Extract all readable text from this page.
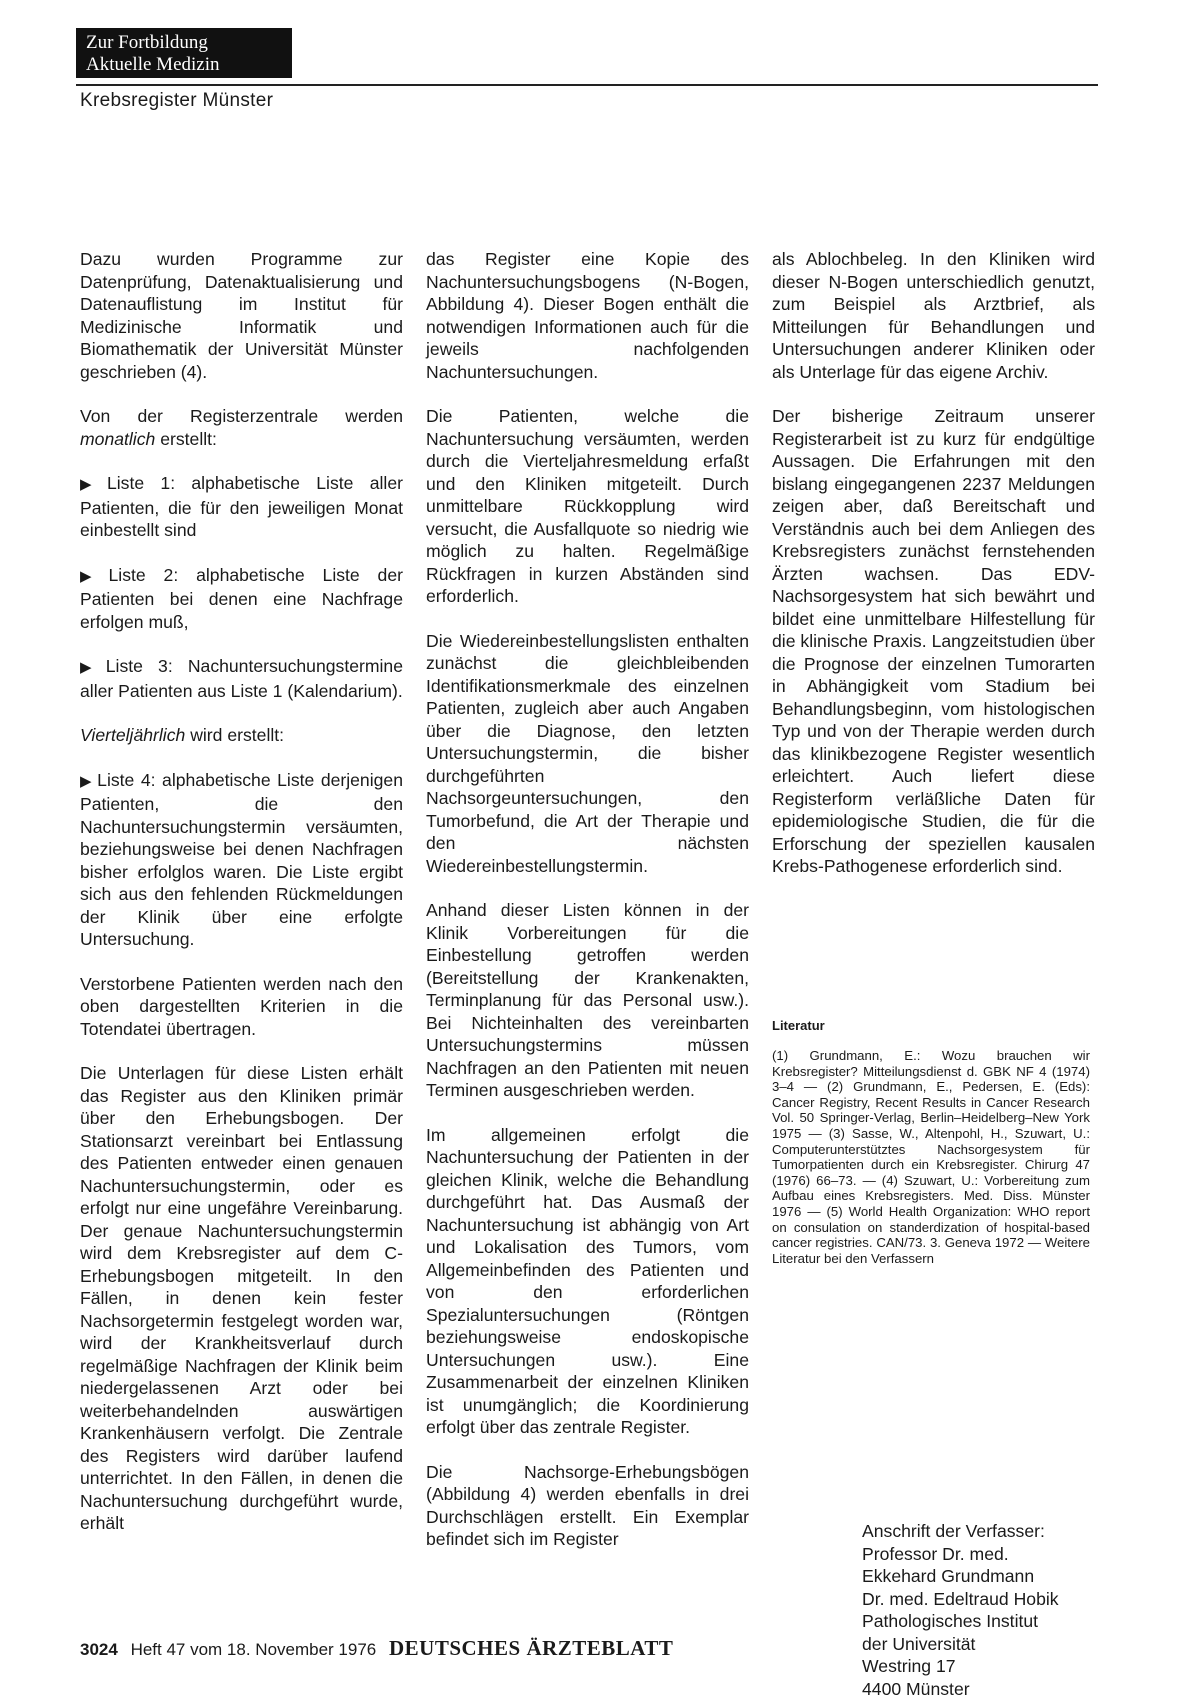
Zur Fortbildung
Aktuelle Medizin
Krebsregister Münster

Dazu wurden Programme zur Datenprüfung, Datenaktualisierung und Datenauflistung im Institut für Medizinische Informatik und Biomathematik der Universität Münster geschrieben (4).

Von der Registerzentrale werden monatlich erstellt:

▶ Liste 1: alphabetische Liste aller Patienten, die für den jeweiligen Monat einbestellt sind

▶ Liste 2: alphabetische Liste der Patienten bei denen eine Nachfrage erfolgen muß,

▶ Liste 3: Nachuntersuchungstermine aller Patienten aus Liste 1 (Kalendarium).

Vierteljährlich wird erstellt:

▶ Liste 4: alphabetische Liste derjenigen Patienten, die den Nachuntersuchungstermin versäumten, beziehungsweise bei denen Nachfragen bisher erfolglos waren. Die Liste ergibt sich aus den fehlenden Rückmeldungen der Klinik über eine erfolgte Untersuchung.

Verstorbene Patienten werden nach den oben dargestellten Kriterien in die Totendatei übertragen.

Die Unterlagen für diese Listen erhält das Register aus den Kliniken primär über den Erhebungsbogen. Der Stationsarzt vereinbart bei Entlassung des Patienten entweder einen genauen Nachuntersuchungstermin, oder es erfolgt nur eine ungefähre Vereinbarung. Der genaue Nachuntersuchungstermin wird dem Krebsregister auf dem C-Erhebungsbogen mitgeteilt. In den Fällen, in denen kein fester Nachsorgetermin festgelegt worden war, wird der Krankheitsverlauf durch regelmäßige Nachfragen der Klinik beim niedergelassenen Arzt oder bei weiterbehandelnden auswärtigen Krankenhäusern verfolgt. Die Zentrale des Registers wird darüber laufend unterrichtet. In den Fällen, in denen die Nachuntersuchung durchgeführt wurde, erhält

das Register eine Kopie des Nachuntersuchungsbogens (N-Bogen, Abbildung 4). Dieser Bogen enthält die notwendigen Informationen auch für die jeweils nachfolgenden Nachuntersuchungen.

Die Patienten, welche die Nachuntersuchung versäumten, werden durch die Vierteljahresmeldung erfaßt und den Kliniken mitgeteilt. Durch unmittelbare Rückkopplung wird versucht, die Ausfallquote so niedrig wie möglich zu halten. Regelmäßige Rückfragen in kurzen Abständen sind erforderlich.

Die Wiedereinbestellungslisten enthalten zunächst die gleichbleibenden Identifikationsmerkmale des einzelnen Patienten, zugleich aber auch Angaben über die Diagnose, den letzten Untersuchungstermin, die bisher durchgeführten Nachsorgeuntersuchungen, den Tumorbefund, die Art der Therapie und den nächsten Wiedereinbestellungstermin.

Anhand dieser Listen können in der Klinik Vorbereitungen für die Einbestellung getroffen werden (Bereitstellung der Krankenakten, Terminplanung für das Personal usw.). Bei Nichteinhalten des vereinbarten Untersuchungstermins müssen Nachfragen an den Patienten mit neuen Terminen ausgeschrieben werden.

Im allgemeinen erfolgt die Nachuntersuchung der Patienten in der gleichen Klinik, welche die Behandlung durchgeführt hat. Das Ausmaß der Nachuntersuchung ist abhängig von Art und Lokalisation des Tumors, vom Allgemeinbefinden des Patienten und von den erforderlichen Spezialuntersuchungen (Röntgen beziehungsweise endoskopische Untersuchungen usw.). Eine Zusammenarbeit der einzelnen Kliniken ist unumgänglich; die Koordinierung erfolgt über das zentrale Register.

Die Nachsorge-Erhebungsbögen (Abbildung 4) werden ebenfalls in drei Durchschlägen erstellt. Ein Exemplar befindet sich im Register

als Ablochbeleg. In den Kliniken wird dieser N-Bogen unterschiedlich genutzt, zum Beispiel als Arztbrief, als Mitteilungen für Behandlungen und Untersuchungen anderer Kliniken oder als Unterlage für das eigene Archiv.

Der bisherige Zeitraum unserer Registerarbeit ist zu kurz für endgültige Aussagen. Die Erfahrungen mit den bislang eingegangenen 2237 Meldungen zeigen aber, daß Bereitschaft und Verständnis auch bei dem Anliegen des Krebsregisters zunächst fernstehenden Ärzten wachsen. Das EDV-Nachsorgesystem hat sich bewährt und bildet eine unmittelbare Hilfestellung für die klinische Praxis. Langzeitstudien über die Prognose der einzelnen Tumorarten in Abhängigkeit vom Stadium bei Behandlungsbeginn, vom histologischen Typ und von der Therapie werden durch das klinikbezogene Register wesentlich erleichtert. Auch liefert diese Registerform verläßliche Daten für epidemiologische Studien, die für die Erforschung der speziellen kausalen Krebs-Pathogenese erforderlich sind.

Literatur
(1) Grundmann, E.: Wozu brauchen wir Krebsregister? Mitteilungsdienst d. GBK NF 4 (1974) 3–4 — (2) Grundmann, E., Pedersen, E. (Eds): Cancer Registry, Recent Results in Cancer Research Vol. 50 Springer-Verlag, Berlin–Heidelberg–New York 1975 — (3) Sasse, W., Altenpohl, H., Szuwart, U.: Computerunterstütztes Nachsorgesystem für Tumorpatienten durch ein Krebsregister. Chirurg 47 (1976) 66–73. — (4) Szuwart, U.: Vorbereitung zum Aufbau eines Krebsregisters. Med. Diss. Münster 1976 — (5) World Health Organization: WHO report on consulation on standerdization of hospital-based cancer registries. CAN/73. 3. Geneva 1972 — Weitere Literatur bei den Verfassern
Anschrift der Verfasser:
Professor Dr. med.
Ekkehard Grundmann
Dr. med. Edeltraud Hobik
Pathologisches Institut
der Universität
Westring 17
4400 Münster
3024 Heft 47 vom 18. November 1976 DEUTSCHES ÄRZTEBLATT
